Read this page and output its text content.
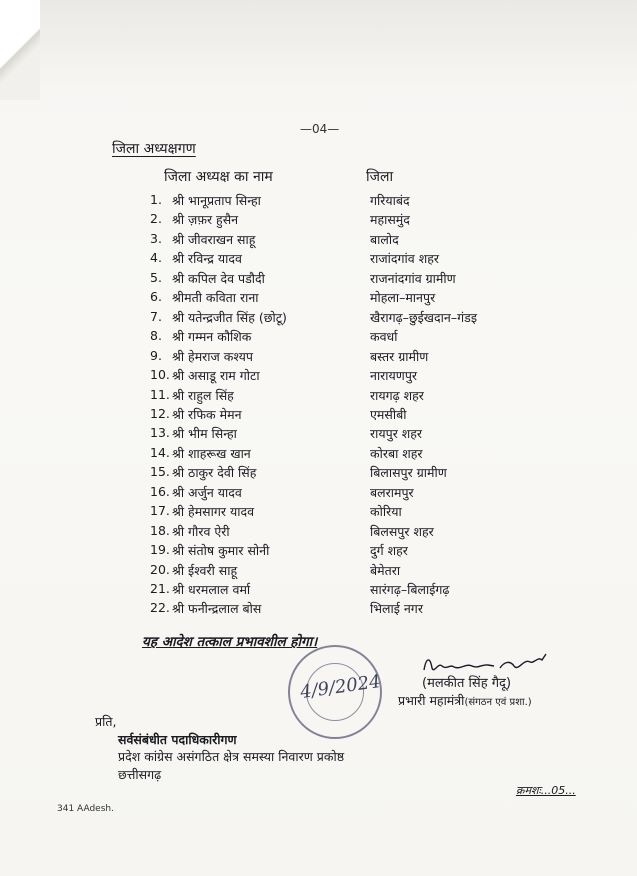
—04—
जिला अध्यक्षगण
जिला अध्यक्ष का नाम	जिला
1. श्री भानूप्रताप सिन्हा	गरियाबंद
2. श्री ज़फ़र हुसैन	महासमुंद
3. श्री जीवराखन साहू	बालोद
4. श्री रविन्द्र यादव	राजांदगांव शहर
5. श्री कपिल देव पडौदी	राजनांदगांव ग्रामीण
6. श्रीमती कविता राना	मोहला–मानपुर
7. श्री यतेन्द्रजीत सिंह (छोटू)	खैरागढ़–छुईखदान–गंडइ
8. श्री गम्मन कौशिक	कवर्धा
9. श्री हेमराज कश्यप	बस्तर ग्रामीण
10. श्री असाडू राम गोटा	नारायणपुर
11. श्री राहुल सिंह	रायगढ़ शहर
12. श्री रफिक मेमन	एमसीबी
13. श्री भीम सिन्हा	रायपुर शहर
14. श्री शाहरूख खान	कोरबा शहर
15. श्री ठाकुर देवी सिंह	बिलासपुर ग्रामीण
16. श्री अर्जुन यादव	बलरामपुर
17. श्री हेमसागर यादव	कोरिया
18. श्री गौरव ऐरी	बिलसपुर शहर
19. श्री संतोष कुमार सोनी	दुर्ग शहर
20. श्री ईश्वरी साहू	बेमेतरा
21. श्री धरमलाल वर्मा	सारंगढ़–बिलाईगढ़
22. श्री फनीन्द्रलाल बोस	भिलाई नगर
यह आदेश तत्काल प्रभावशील होगा।
4/9/2024	(मलकीत सिंह गैदू)
प्रभारी महामंत्री(संगठन एवं प्रशा.)
प्रति,
सर्वसंबंधीत पदाधिकारीगण
प्रदेश कांग्रेस असंगठित क्षेत्र समस्या निवारण प्रकोष्ठ
छत्तीसगढ़
क्रमशः...05...
341 AAdesh.
